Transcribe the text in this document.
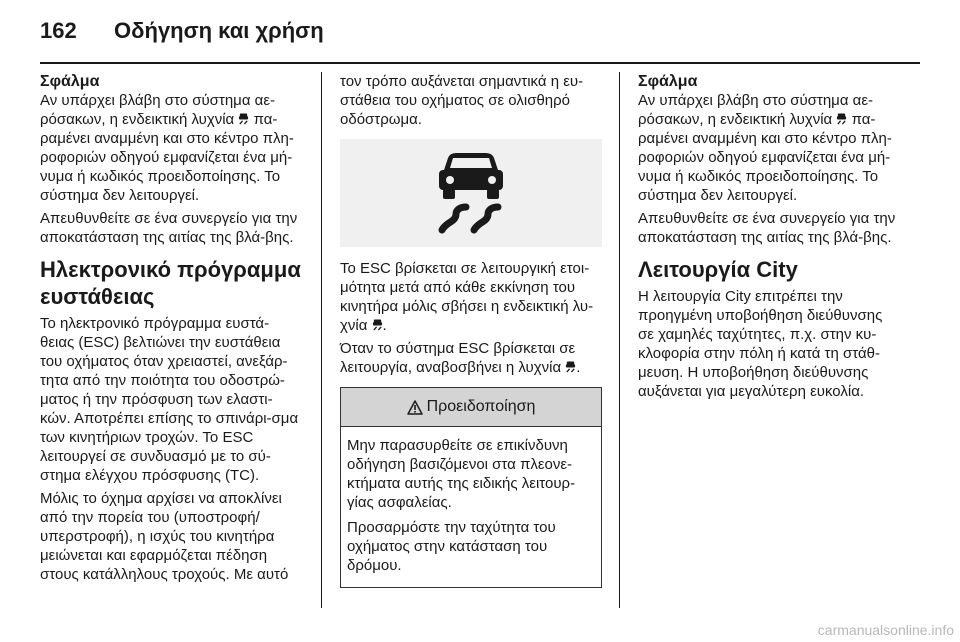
162 Οδήγηση και χρήση
Σφάλμα

Αν υπάρχει βλάβη στο σύστημα αε-ρόσακων, η ενδεικτική λυχνία  πα-ραμένει αναμμένη και στο κέντρο πλη-ροφοριών οδηγού εμφανίζεται ένα μή-νυμα ή κωδικός προειδοποίησης. Το σύστημα δεν λειτουργεί.

Απευθυνθείτε σε ένα συνεργείο για την αποκατάσταση της αιτίας της βλά-βης.

Ηλεκτρονικό πρόγραμμα ευστάθειας

Το ηλεκτρονικό πρόγραμμα ευστά-θειας (ESC) βελτιώνει την ευστάθεια του οχήματος όταν χρειαστεί, ανεξάρ-τητα από την ποιότητα του οδοστρώ-ματος ή την πρόσφυση των ελαστι-κών. Αποτρέπει επίσης το σπινάρι-σμα των κινητήριων τροχών. Το ESC λειτουργεί σε συνδυασμό με το σύ-στημα ελέγχου πρόσφυσης (TC).

Μόλις το όχημα αρχίσει να αποκλίνει από την πορεία του (υποστροφή/ υπερστροφή), η ισχύς του κινητήρα μειώνεται και εφαρμόζεται πέδηση στους κατάλληλους τροχούς. Με αυτό

τον τρόπο αυξάνεται σημαντικά η ευ-στάθεια του οχήματος σε ολισθηρό οδόστρωμα.

Το ESC βρίσκεται σε λειτουργική ετοι-μότητα μετά από κάθε εκκίνηση του κινητήρα μόλις σβήσει η ενδεικτική λυ-χνία .

Όταν το σύστημα ESC βρίσκεται σε λειτουργία, αναβοσβήνει η λυχνία .

Προειδοποίηση

Μην παρασυρθείτε σε επικίνδυνη οδήγηση βασιζόμενοι στα πλεονε-κτήματα αυτής της ειδικής λειτουρ-γίας ασφαλείας.

Προσαρμόστε την ταχύτητα του οχήματος στην κατάσταση του δρόμου.

Σφάλμα

Αν υπάρχει βλάβη στο σύστημα αε-ρόσακων, η ενδεικτική λυχνία  πα-ραμένει αναμμένη και στο κέντρο πλη-ροφοριών οδηγού εμφανίζεται ένα μή-νυμα ή κωδικός προειδοποίησης. Το σύστημα δεν λειτουργεί.

Απευθυνθείτε σε ένα συνεργείο για την αποκατάσταση της αιτίας της βλά-βης.

Λειτουργία City

Η λειτουργία City επιτρέπει την προηγμένη υποβοήθηση διεύθυνσης σε χαμηλές ταχύτητες, π.χ. στην κυ-κλοφορία στην πόλη ή κατά τη στάθ-μευση. Η υποβοήθηση διεύθυνσης αυξάνεται για μεγαλύτερη ευκολία.

carmanualsonline.info
